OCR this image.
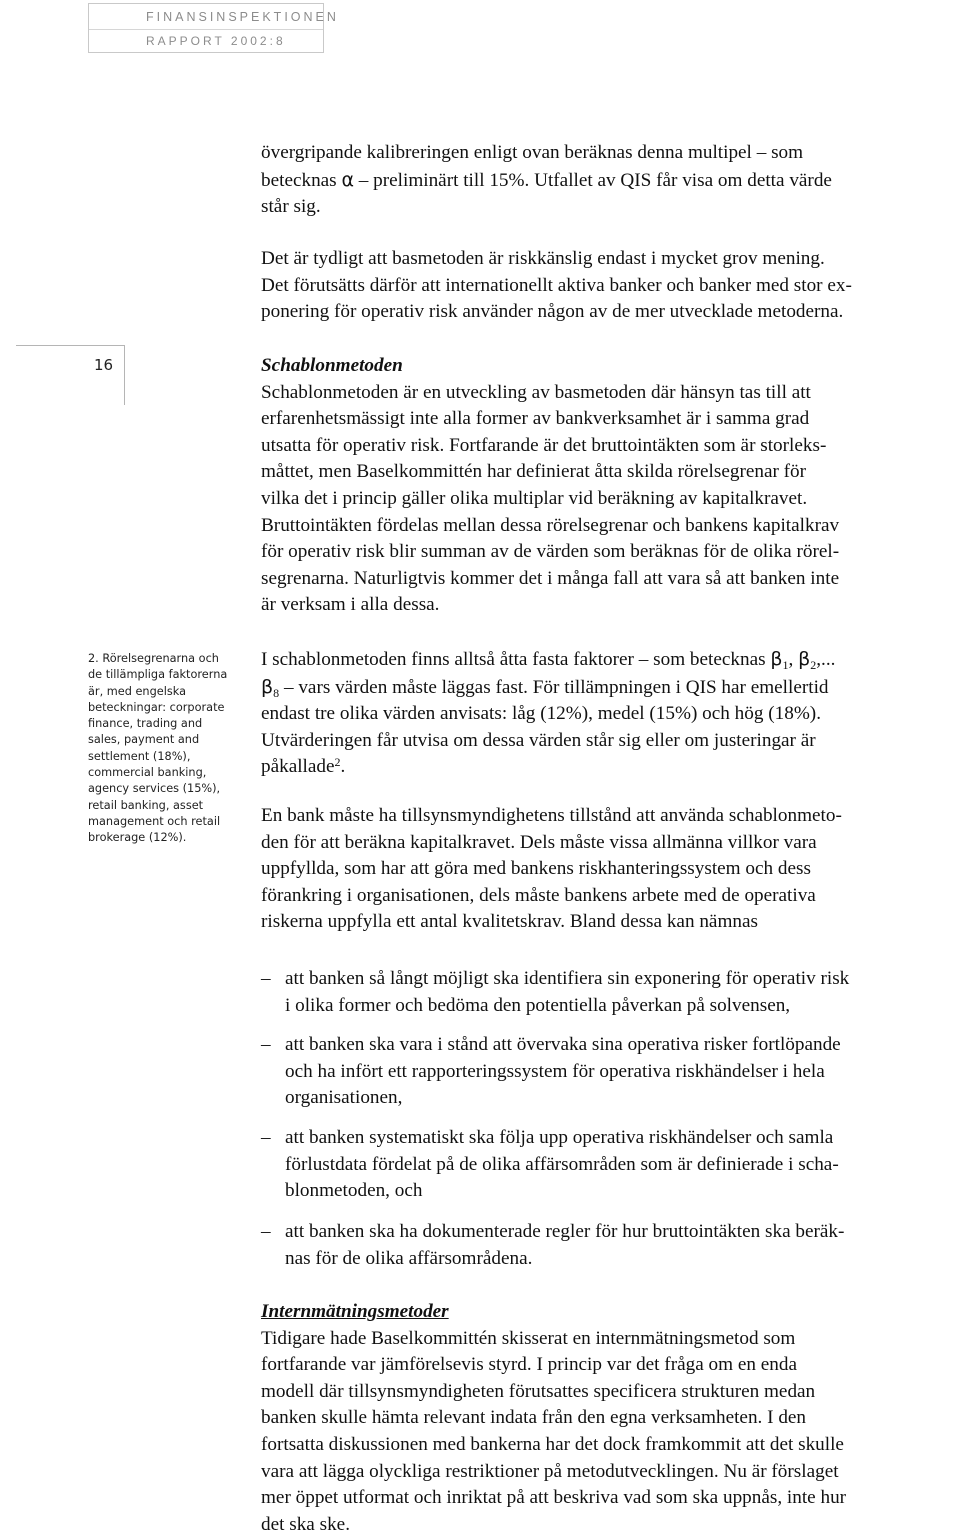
FINANSINSPEKTIONEN
RAPPORT 2002:8
16
övergripande kalibreringen enligt ovan beräknas denna multipel – som
betecknas α – preliminärt till 15%. Utfallet av QIS får visa om detta värde
står sig.
Det är tydligt att basmetoden är riskkänslig endast i mycket grov mening.
Det förutsätts därför att internationellt aktiva banker och banker med stor ex-
ponering för operativ risk använder någon av de mer utvecklade metoderna.
Schablonmetoden
Schablonmetoden är en utveckling av basmetoden där hänsyn tas till att
erfarenhetsmässigt inte alla former av bankverksamhet är i samma grad
utsatta för operativ risk. Fortfarande är det bruttointäkten som är storleks-
måttet, men Baselkommittén har definierat åtta skilda rörelsegrenar för
vilka det i princip gäller olika multiplar vid beräkning av kapitalkravet.
Bruttointäkten fördelas mellan dessa rörelsegrenar och bankens kapitalkrav
för operativ risk blir summan av de värden som beräknas för de olika rörel-
segrenarna. Naturligtvis kommer det i många fall att vara så att banken inte
är verksam i alla dessa.
I schablonmetoden finns alltså åtta fasta faktorer – som betecknas $\beta_1$, $\beta_2$,...
$\beta_8$ – vars värden måste läggas fast. För tillämpningen i QIS har emellertid
endast tre olika värden anvisats: låg (12%), medel (15%) och hög (18%).
Utvärderingen får utvisa om dessa värden står sig eller om justeringar är
påkallade$^2$.
En bank måste ha tillsynsmyndighetens tillstånd att använda schablonmeto-
den för att beräkna kapitalkravet. Dels måste vissa allmänna villkor vara
uppfyllda, som har att göra med bankens riskhanteringssystem och dess
förankring i organisationen, dels måste bankens arbete med de operativa
riskerna uppfylla ett antal kvalitetskrav. Bland dessa kan nämnas
– att banken så långt möjligt ska identifiera sin exponering för operativ risk
i olika former och bedöma den potentiella påverkan på solvensen,
– att banken ska vara i stånd att övervaka sina operativa risker fortlöpande
och ha infört ett rapporteringssystem för operativa riskhändelser i hela
organisationen,
– att banken systematiskt ska följa upp operativa riskhändelser och samla
förlustdata fördelat på de olika affärsområden som är definierade i scha-
blonmetoden, och
– att banken ska ha dokumenterade regler för hur bruttointäkten ska beräk-
nas för de olika affärsområdena.
Internmätningsmetoder
Tidigare hade Baselkommittén skisserat en internmätningsmetod som
fortfarande var jämförelsevis styrd. I princip var det fråga om en enda
modell där tillsynsmyndigheten förutsattes specificera strukturen medan
banken skulle hämta relevant indata från den egna verksamheten. I den
fortsatta diskussionen med bankerna har det dock framkommit att det skulle
vara att lägga olyckliga restriktioner på metodutvecklingen. Nu är förslaget
mer öppet utformat och inriktat på att beskriva vad som ska uppnås, inte hur
det ska ske.
2. Rörelsegrenarna och
de tillämpliga faktorerna
är, med engelska
beteckningar: corporate
finance, trading and
sales, payment and
settlement (18%),
commercial banking,
agency services (15%),
retail banking, asset
management och retail
brokerage (12%).
